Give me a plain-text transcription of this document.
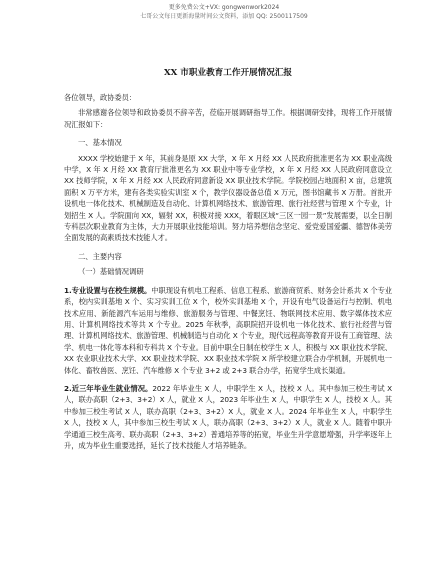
更多免费公文+VX: gongwenwork2024
七哥公文每日更新海量时间公文资料，添加 QQ: 2500117509
XX 市职业教育工作开展情况汇报

各位领导，政协委员：

非常感谢各位领导和政协委员不辞辛苦，莅临开展调研指导工作。根据调研安排，现将工作开展情况汇报如下：

一、基本情况

XXXX 学校始建于 X 年，其前身是原 XX 大学，X 年 X 月经 XX 人民政府批准更名为 XX 职业高级中学，X 年 X 月经 XX 教育厅批准更名为 XX 职业中等专业学校，X 年 X 月经 XX 人民政府同意设立 XX 技师学院，X 年 X 月经 XX 人民政府同意新设 XX 职业技术学院。学院校园占地面积 X 亩，总建筑面积 X 万平方米，建有各类实验实训室 X 个，教学仪器设备总值 X 万元，图书馆藏书 X 万册。首批开设机电一体化技术、机械制造及自动化、计算机网络技术、旅游管理、旅行社经营与管理 X 个专业，计划招生 X 人。学院面向 XX，辐射 XX，积极对接 XXX，着眼区域“三区一园一景”发展需要，以全日制专科层次职业教育为主体，大力开展职业技能培训。努力培养想信念坚定、爱党爱国爱疆、德智体美劳全面发展的高素质技术技能人才。

二、主要内容

（一）基础情况调研

1.专业设置与在校生规模。中职现设有机电工程系、信息工程系、旅游商贸系、财务会计系共 X 个专业系，校内实训基地 X 个、实习实训工位 X 个，校外实训基地 X 个，开设有电气设备运行与控制、机电技术应用、新能源汽车运用与维修、旅游服务与管理、中餐烹饪、物联网技术应用、数字媒体技术应用、计算机网络技术等共 X 个专业。2025 年秋季，高职院招开设机电一体化技术、旅行社经营与管理、计算机网络技术、旅游管理、机械制造与自动化 X 个专业，现代远程高等教育开设有工商管理、法学、机电一体化等本科和专科共 X 个专业。目前中职全日制在校学生 X 人，积极与 XX 职业技术学院、XX 农业职业技术大学、XX 职业技术学院、XX 职业技术学院 X 所学校建立联合办学机制，开展机电一体化、畜牧兽医、烹饪、汽车维修 X 个专业 3+2 或 2+3 联合办学，拓宽学生成长渠道。

2.近三年毕业生就业情况。2022 年毕业生 X 人，中职学生 X 人，技校 X 人。其中参加三校生考试 X 人，联办高职（2+3、3+2）X 人，就业 X 人，2023 年毕业生 X 人，中职学生 X 人，技校 X 人。其中参加三校生考试 X 人，联办高职（2+3、3+2）X 人，就业 X 人。2024 年毕业生 X 人，中职学生 X 人，技校 X 人，其中参加三校生考试 X 人，联办高职（2+3、3+2）X 人，就业 X 人。随着中职升学通道三校生高考、联办高职（2+3、3+2）普通培养等的拓宽，毕业生升学意愿增强，升学率逐年上升，成为毕业生重要选择，延长了技术技能人才培养链条。
